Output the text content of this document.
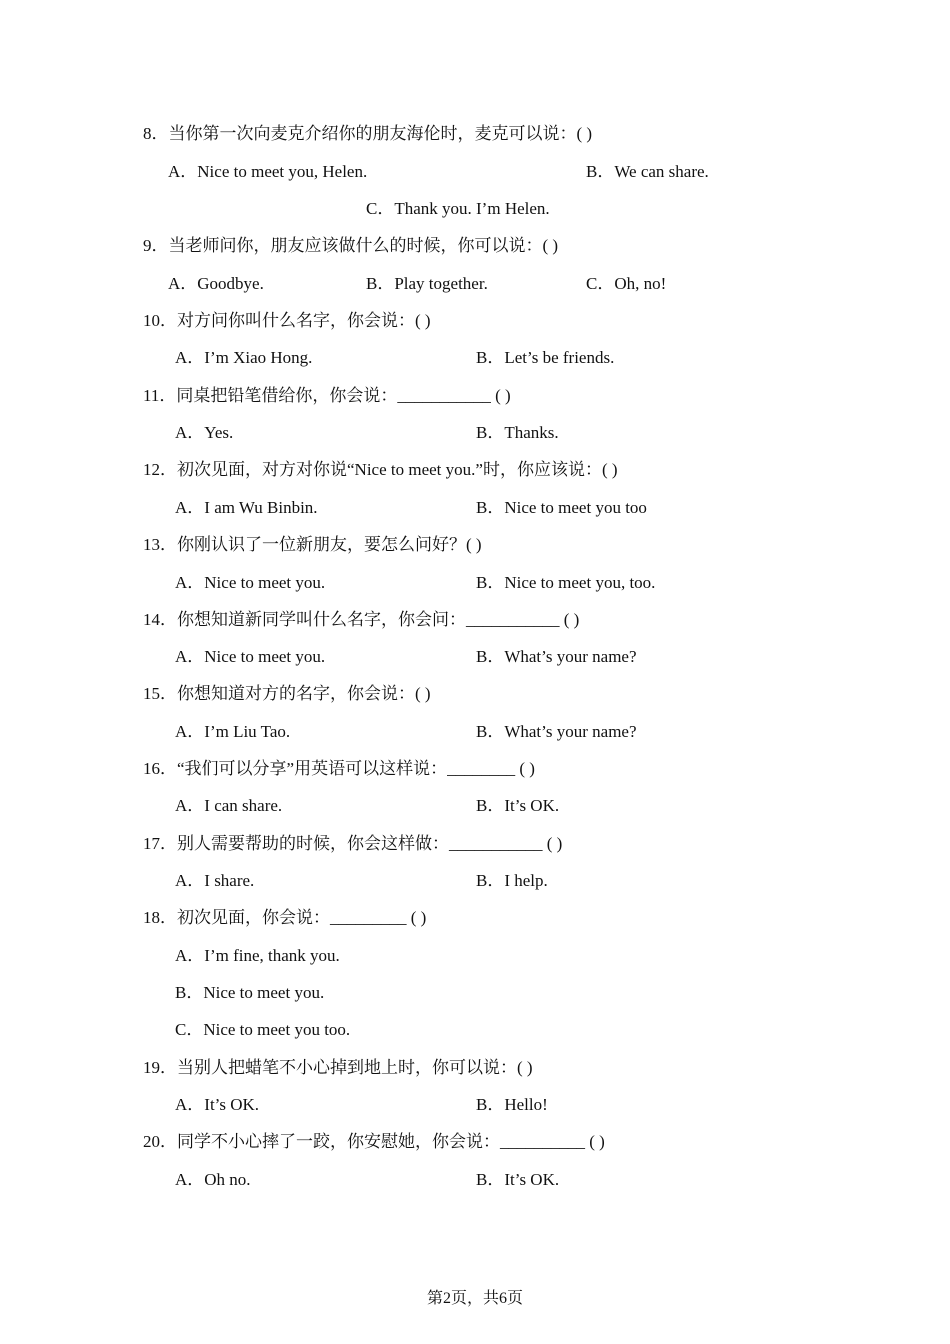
8．当你第一次向麦克介绍你的朋友海伦时，麦克可以说：( )
A．Nice to meet you, Helen.	B．We can share.
C．Thank you. I’m Helen.
9．当老师问你，朋友应该做什么的时候，你可以说：( )
A．Goodbye.	B．Play together.	C．Oh, no!
10．对方问你叫什么名字，你会说：( )
A．I’m Xiao Hong.	B．Let’s be friends.
11．同桌把铅笔借给你，你会说：___________ ( )
A．Yes.	B．Thanks.
12．初次见面，对方对你说“Nice to meet you.”时，你应该说：( )
A．I am Wu Binbin.	B．Nice to meet you too
13．你刚认识了一位新朋友，要怎么问好？( )
A．Nice to meet you.	B．Nice to meet you, too.
14．你想知道新同学叫什么名字，你会问：___________ ( )
A．Nice to meet you.	B．What’s your name?
15．你想知道对方的名字，你会说：( )
A．I’m Liu Tao.	B．What’s your name?
16．“我们可以分享”用英语可以这样说：________ ( )
A．I can share.	B．It’s OK.
17．别人需要帮助的时候，你会这样做：___________ ( )
A．I share.	B．I help.
18．初次见面，你会说：_________ ( )
A．I’m fine, thank you.
B．Nice to meet you.
C．Nice to meet you too.
19．当别人把蜡笔不小心掉到地上时，你可以说：( )
A．It’s OK.	B．Hello!
20．同学不小心摔了一跤，你安慰她，你会说：__________ ( )
A．Oh no.	B．It’s OK.
第2页，共6页
